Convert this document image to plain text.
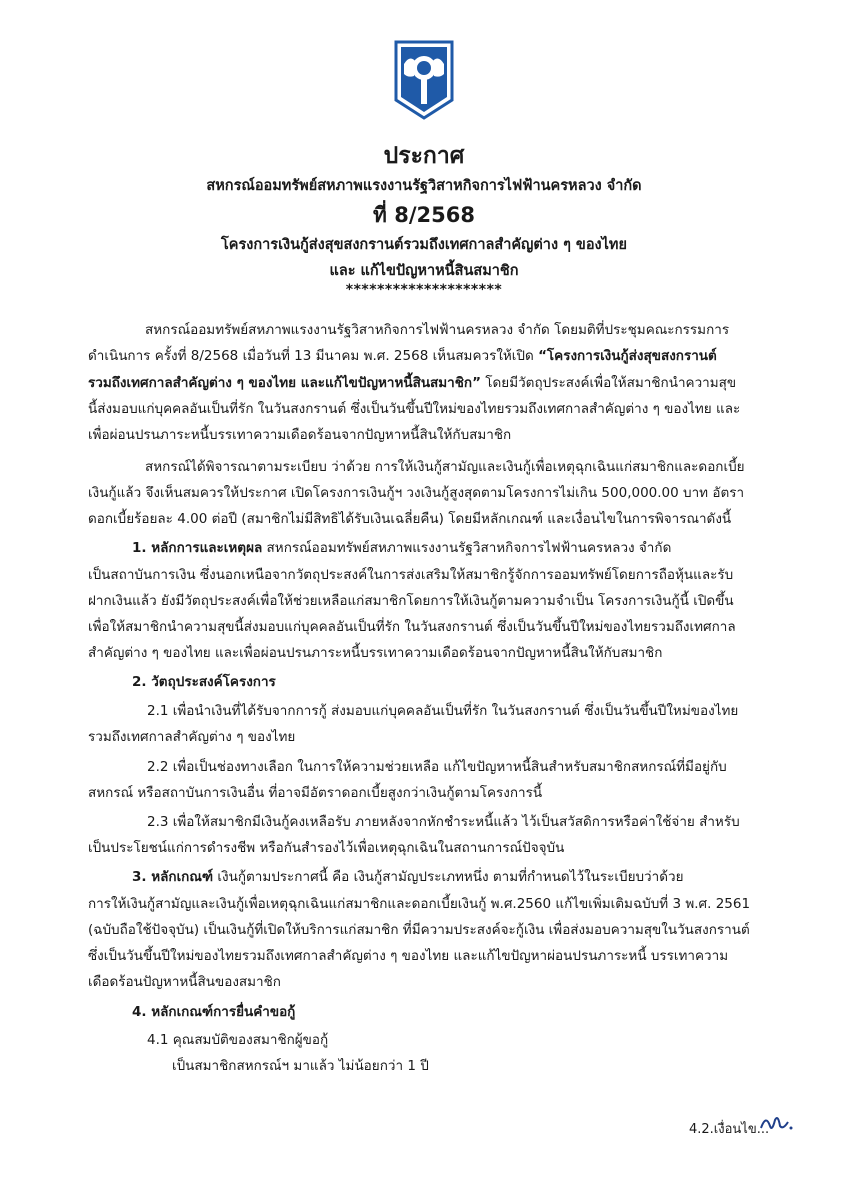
ประกาศ
สหกรณ์ออมทรัพย์สหภาพแรงงานรัฐวิสาหกิจการไฟฟ้านครหลวง จำกัด
ที่ 8/2568
โครงการเงินกู้ส่งสุขสงกรานต์รวมถึงเทศกาลสำคัญต่าง ๆ ของไทย
และ แก้ไขปัญหาหนี้สินสมาชิก
********************
สหกรณ์ออมทรัพย์สหภาพแรงงานรัฐวิสาหกิจการไฟฟ้านครหลวง จำกัด โดยมติที่ประชุมคณะกรรมการ
ดำเนินการ ครั้งที่ 8/2568 เมื่อวันที่ 13 มีนาคม พ.ศ. 2568 เห็นสมควรให้เปิด “โครงการเงินกู้ส่งสุขสงกรานต์
รวมถึงเทศกาลสำคัญต่าง ๆ ของไทย และแก้ไขปัญหาหนี้สินสมาชิก” โดยมีวัตถุประสงค์เพื่อให้สมาชิกนำความสุข
นี้ส่งมอบแก่บุคคลอันเป็นที่รัก ในวันสงกรานต์ ซึ่งเป็นวันขึ้นปีใหม่ของไทยรวมถึงเทศกาลสำคัญต่าง ๆ ของไทย และ
เพื่อผ่อนปรนภาระหนี้บรรเทาความเดือดร้อนจากปัญหาหนี้สินให้กับสมาชิก
สหกรณ์ได้พิจารณาตามระเบียบ ว่าด้วย การให้เงินกู้สามัญและเงินกู้เพื่อเหตุฉุกเฉินแก่สมาชิกและดอกเบี้ย
เงินกู้แล้ว จึงเห็นสมควรให้ประกาศ เปิดโครงการเงินกู้ฯ วงเงินกู้สูงสุดตามโครงการไม่เกิน 500,000.00 บาท อัตรา
ดอกเบี้ยร้อยละ 4.00 ต่อปี (สมาชิกไม่มีสิทธิได้รับเงินเฉลี่ยคืน) โดยมีหลักเกณฑ์ และเงื่อนไขในการพิจารณาดังนี้
1. หลักการและเหตุผล สหกรณ์ออมทรัพย์สหภาพแรงงานรัฐวิสาหกิจการไฟฟ้านครหลวง จำกัด
เป็นสถาบันการเงิน ซึ่งนอกเหนือจากวัตถุประสงค์ในการส่งเสริมให้สมาชิกรู้จักการออมทรัพย์โดยการถือหุ้นและรับ
ฝากเงินแล้ว ยังมีวัตถุประสงค์เพื่อให้ช่วยเหลือแก่สมาชิกโดยการให้เงินกู้ตามความจำเป็น โครงการเงินกู้นี้ เปิดขึ้น
เพื่อให้สมาชิกนำความสุขนี้ส่งมอบแก่บุคคลอันเป็นที่รัก ในวันสงกรานต์ ซึ่งเป็นวันขึ้นปีใหม่ของไทยรวมถึงเทศกาล
สำคัญต่าง ๆ ของไทย และเพื่อผ่อนปรนภาระหนี้บรรเทาความเดือดร้อนจากปัญหาหนี้สินให้กับสมาชิก
2. วัตถุประสงค์โครงการ
2.1 เพื่อนำเงินที่ได้รับจากการกู้ ส่งมอบแก่บุคคลอันเป็นที่รัก ในวันสงกรานต์ ซึ่งเป็นวันขึ้นปีใหม่ของไทย
รวมถึงเทศกาลสำคัญต่าง ๆ ของไทย
2.2 เพื่อเป็นช่องทางเลือก ในการให้ความช่วยเหลือ แก้ไขปัญหาหนี้สินสำหรับสมาชิกสหกรณ์ที่มีอยู่กับ
สหกรณ์ หรือสถาบันการเงินอื่น ที่อาจมีอัตราดอกเบี้ยสูงกว่าเงินกู้ตามโครงการนี้
2.3 เพื่อให้สมาชิกมีเงินกู้คงเหลือรับ ภายหลังจากหักชำระหนี้แล้ว ไว้เป็นสวัสดิการหรือค่าใช้จ่าย สำหรับ
เป็นประโยชน์แก่การดำรงชีพ หรือกันสำรองไว้เพื่อเหตุฉุกเฉินในสถานการณ์ปัจจุบัน
3. หลักเกณฑ์ เงินกู้ตามประกาศนี้ คือ เงินกู้สามัญประเภทหนึ่ง ตามที่กำหนดไว้ในระเบียบว่าด้วย
การให้เงินกู้สามัญและเงินกู้เพื่อเหตุฉุกเฉินแก่สมาชิกและดอกเบี้ยเงินกู้ พ.ศ.2560 แก้ไขเพิ่มเติมฉบับที่ 3 พ.ศ. 2561
(ฉบับถือใช้ปัจจุบัน) เป็นเงินกู้ที่เปิดให้บริการแก่สมาชิก ที่มีความประสงค์จะกู้เงิน เพื่อส่งมอบความสุขในวันสงกรานต์
ซึ่งเป็นวันขึ้นปีใหม่ของไทยรวมถึงเทศกาลสำคัญต่าง ๆ ของไทย และแก้ไขปัญหาผ่อนปรนภาระหนี้ บรรเทาความ
เดือดร้อนปัญหาหนี้สินของสมาชิก
4. หลักเกณฑ์การยื่นคำขอกู้
4.1 คุณสมบัติของสมาชิกผู้ขอกู้
เป็นสมาชิกสหกรณ์ฯ มาแล้ว ไม่น้อยกว่า 1 ปี
4.2.เงื่อนไข...
